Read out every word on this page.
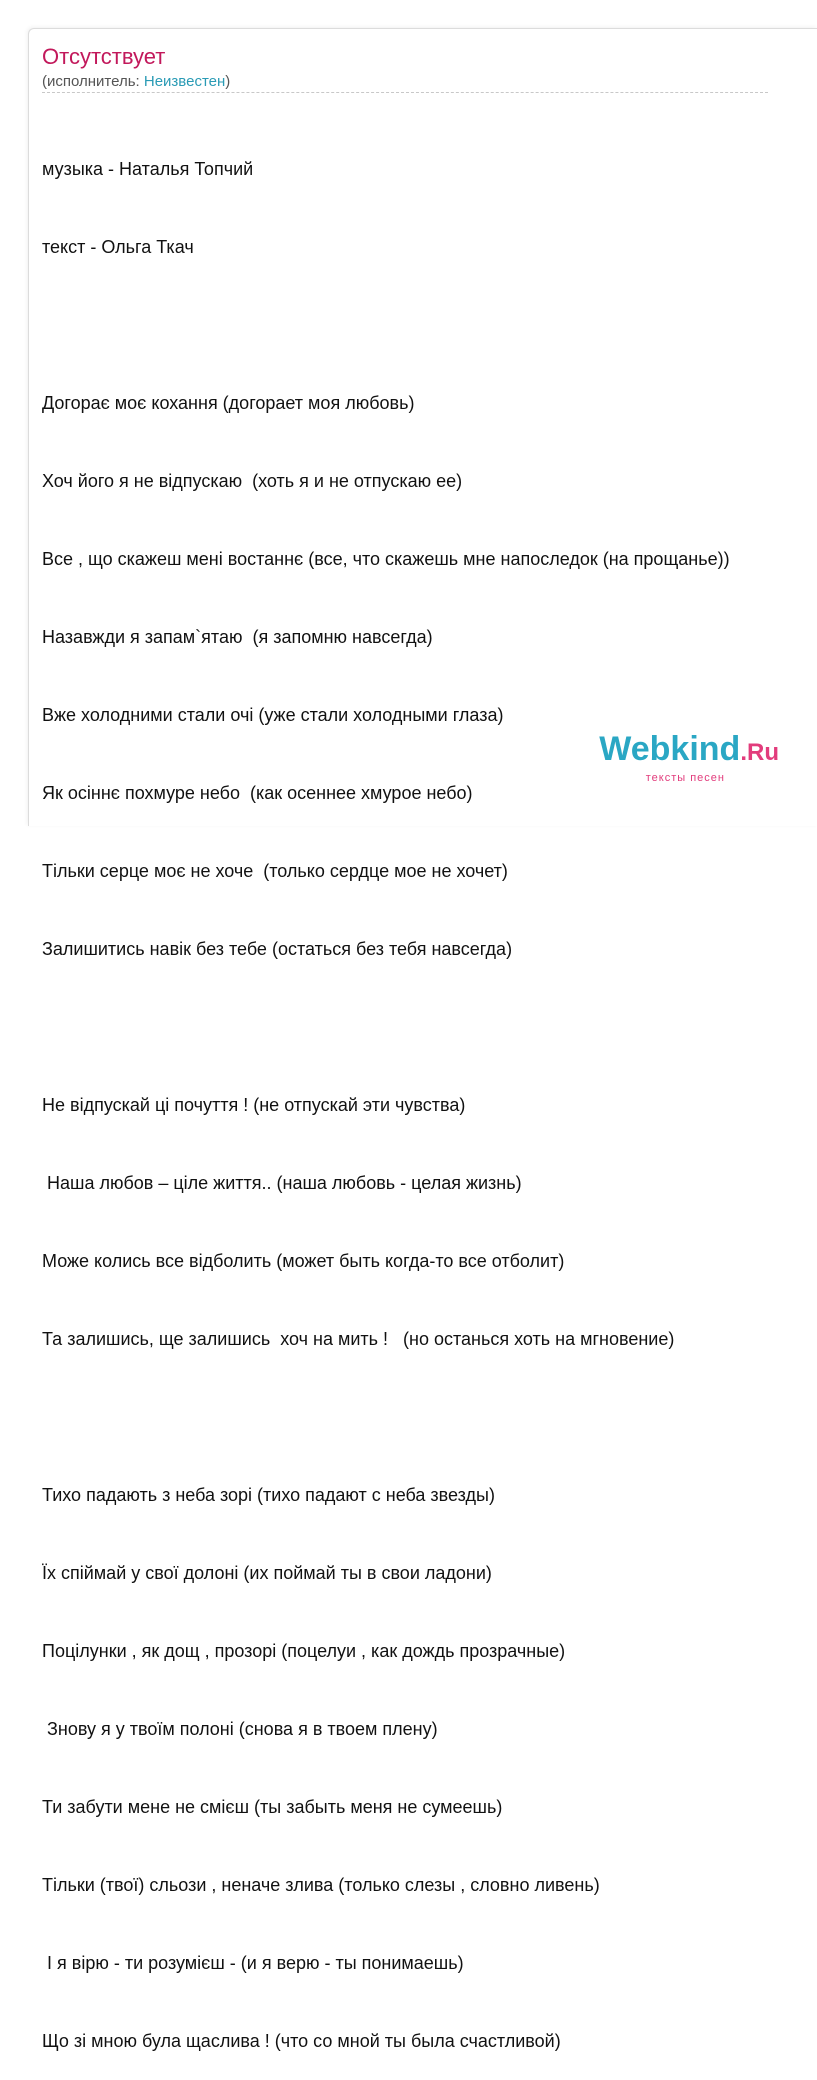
Отсутствует
(исполнитель: Неизвестен)

музыка - Наталья Топчий

текст - Ольга Ткач

Догорає моє кохання (догорает моя любовь)

Хоч його я не відпускаю  (хоть я и не отпускаю ее)

Все , що скажеш мені востаннє (все, что скажешь мне напоследок (на прощанье))

Назавжди я запам`ятаю  (я запомню навсегда)

Вже холодними стали очі (уже стали холодными глаза)

Як осіннє похмуре небо  (как осеннее хмурое небо)

Тільки серце моє не хоче  (только сердце мое не хочет)

Залишитись навік без тебе (остаться без тебя навсегда)

Не відпускай ці почуття ! (не отпускай эти чувства)

Наша любов – ціле життя.. (наша любовь - целая жизнь)

Може колись все відболить (может быть когда-то все отболит)

Та залишись, ще залишись  хоч на мить !   (но останься хоть на мгновение)

Тихо падають з неба зорі (тихо падают с неба звезды)

Їх спіймай у свої долоні (их поймай ты в свои ладони)

Поцілунки , як дощ , прозорі (поцелуи , как дождь прозрачные)

Знову я у твоїм полоні (снова я в твоем плену)

Ти забути мене не смієш (ты забыть меня не сумеешь)

Тільки (твої) сльози , неначе злива (только слезы , словно ливень)

І я вірю - ти розумієш - (и я верю - ты понимаешь)

Що зі мною була щаслива ! (что со мной ты была счастливой)

Webkind.Ru
тексты песен
